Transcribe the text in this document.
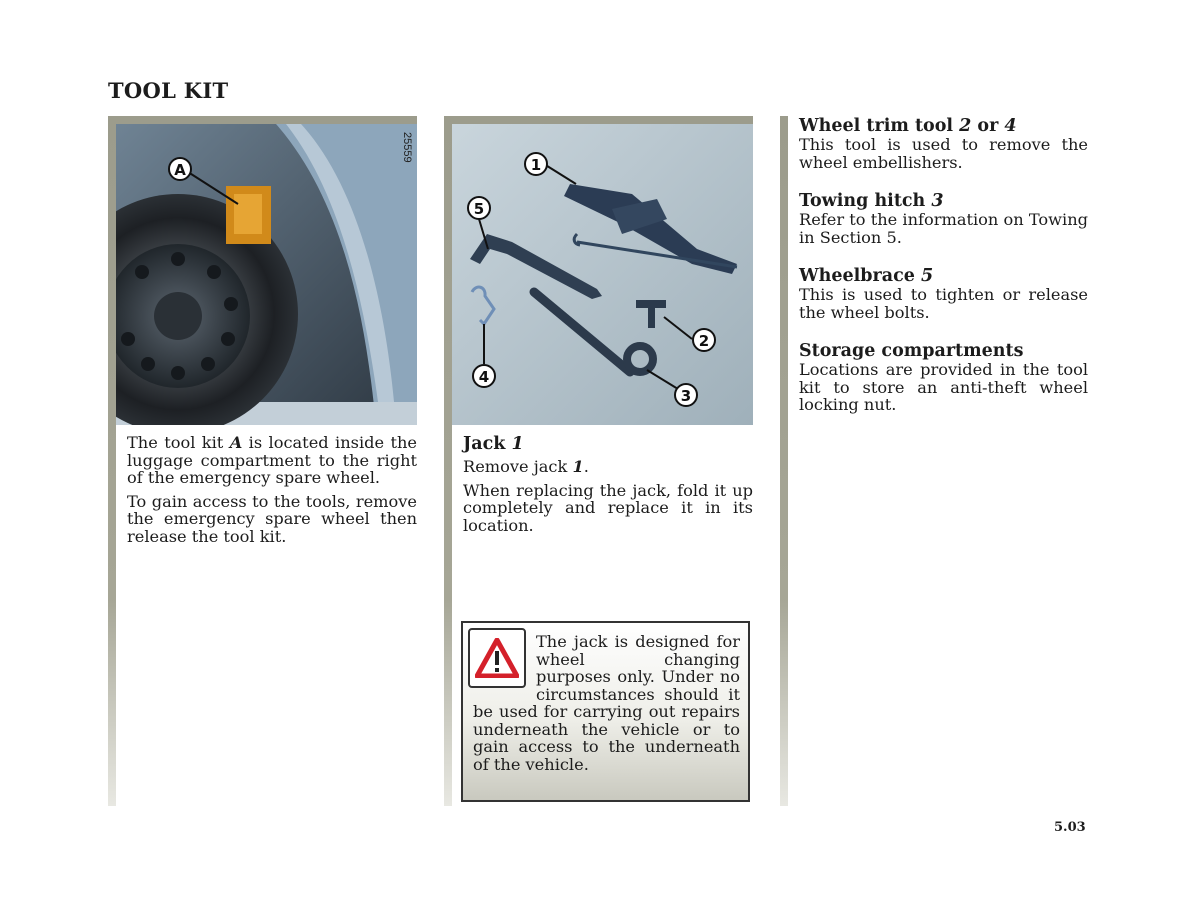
TOOL KIT
A
25559
1
5
2
4
3

The tool kit A is located inside the luggage compartment to the right of the emergency spare wheel.

To gain access to the tools, remove the emergency spare wheel then release the tool kit.

Jack 1

Remove jack 1.

When replacing the jack, fold it up completely and replace it in its location.

The jack is designed for wheel changing purposes only. Under no circumstances should it be used for carrying out repairs underneath the vehicle or to gain access to the underneath of the vehicle.

Wheel trim tool 2 or 4

This tool is used to remove the wheel embellishers.

Towing hitch 3

Refer to the information on Towing in Section 5.

Wheelbrace 5

This is used to tighten or release the wheel bolts.

Storage compartments

Locations are provided in the tool kit to store an anti-theft wheel locking nut.

5.03
